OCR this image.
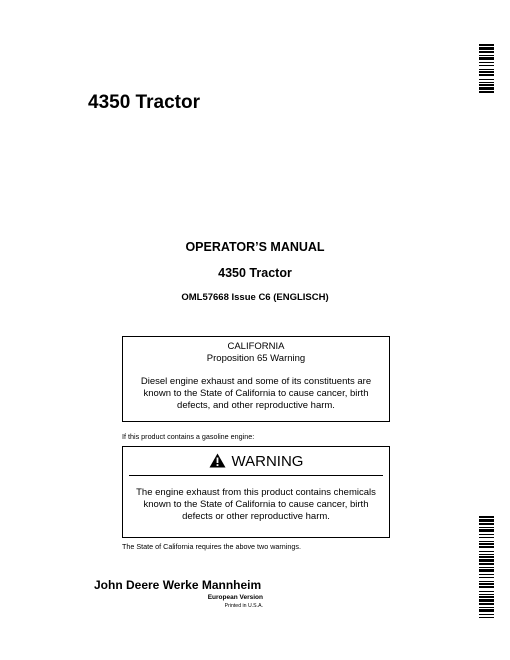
4350 Tractor
OPERATOR’S MANUAL
4350 Tractor
OML57668 Issue C6 (ENGLISCH)
CALIFORNIA
Proposition 65 Warning
Diesel engine exhaust and some of its constituents are
known to the State of California to cause cancer, birth
defects, and other reproductive harm.
If this product contains a gasoline engine:
WARNING
The engine exhaust from this product contains chemicals
known to the State of California to cause cancer, birth
defects or other reproductive harm.
The State of California requires the above two warnings.
John Deere Werke Mannheim
European Version
Printed in U.S.A.
